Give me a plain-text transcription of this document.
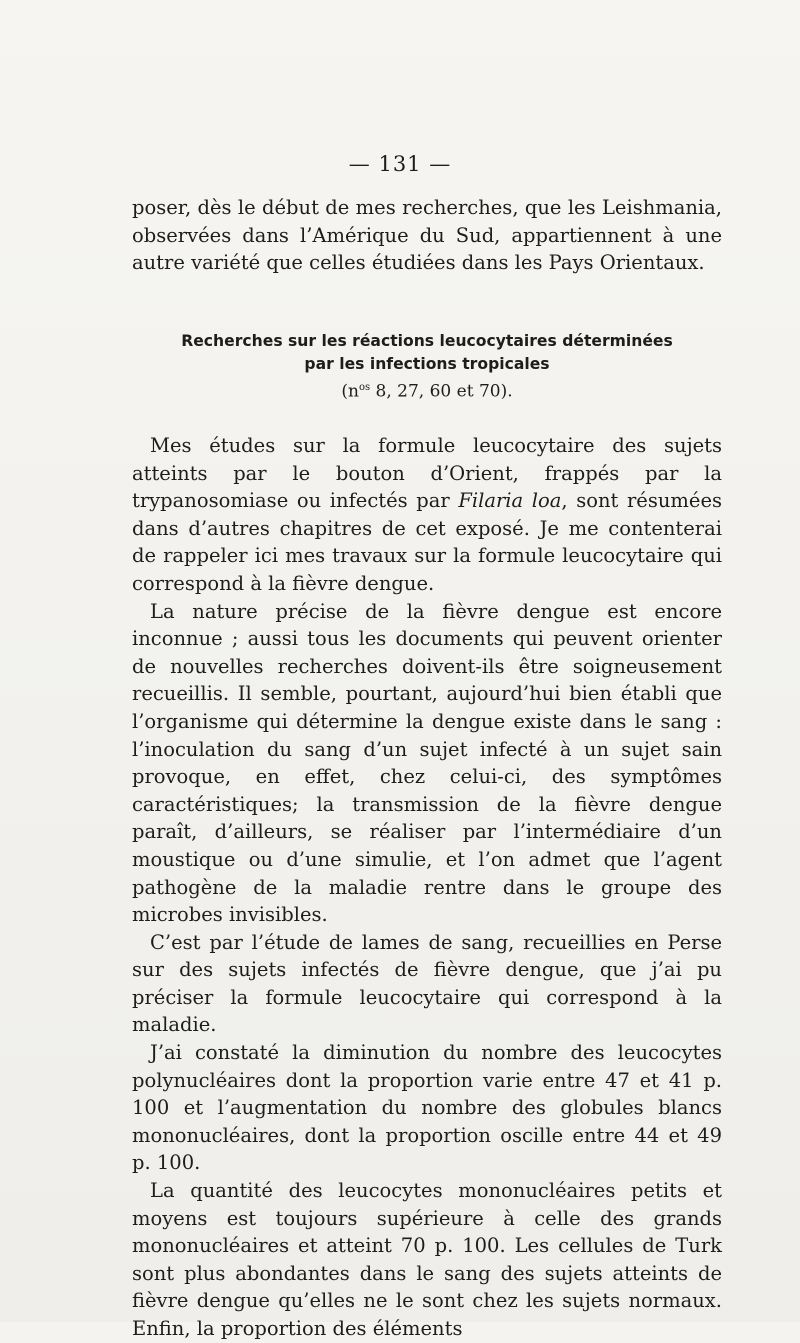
— 131 —

poser, dès le début de mes recherches, que les Leishmania, observées dans l’Amérique du Sud, appartiennent à une autre variété que celles étudiées dans les Pays Orientaux.

Recherches sur les réactions leucocytaires déterminées
par les infections tropicales
($n^{os}$ 8, 27, 60 et 70).

Mes études sur la formule leucocytaire des sujets atteints par le bouton d’Orient, frappés par la trypanosomiase ou infectés par Filaria loa, sont résumées dans d’autres chapitres de cet exposé. Je me contenterai de rappeler ici mes travaux sur la formule leucocytaire qui correspond à la fièvre dengue.

La nature précise de la fièvre dengue est encore inconnue ; aussi tous les documents qui peuvent orienter de nouvelles recherches doivent-ils être soigneusement recueillis. Il semble, pourtant, aujourd’hui bien établi que l’organisme qui détermine la dengue existe dans le sang : l’inoculation du sang d’un sujet infecté à un sujet sain provoque, en effet, chez celui-ci, des symptômes caractéristiques; la transmission de la fièvre dengue paraît, d’ailleurs, se réaliser par l’intermédiaire d’un moustique ou d’une simulie, et l’on admet que l’agent pathogène de la maladie rentre dans le groupe des microbes invisibles.

C’est par l’étude de lames de sang, recueillies en Perse sur des sujets infectés de fièvre dengue, que j’ai pu préciser la formule leucocytaire qui correspond à la maladie.

J’ai constaté la diminution du nombre des leucocytes polynucléaires dont la proportion varie entre 47 et 41 p. 100 et l’augmentation du nombre des globules blancs mononucléaires, dont la proportion oscille entre 44 et 49 p. 100.

La quantité des leucocytes mononucléaires petits et moyens est toujours supérieure à celle des grands mononucléaires et atteint 70 p. 100. Les cellules de Turk sont plus abondantes dans le sang des sujets atteints de fièvre dengue qu’elles ne le sont chez les sujets normaux. Enfin, la proportion des éléments
